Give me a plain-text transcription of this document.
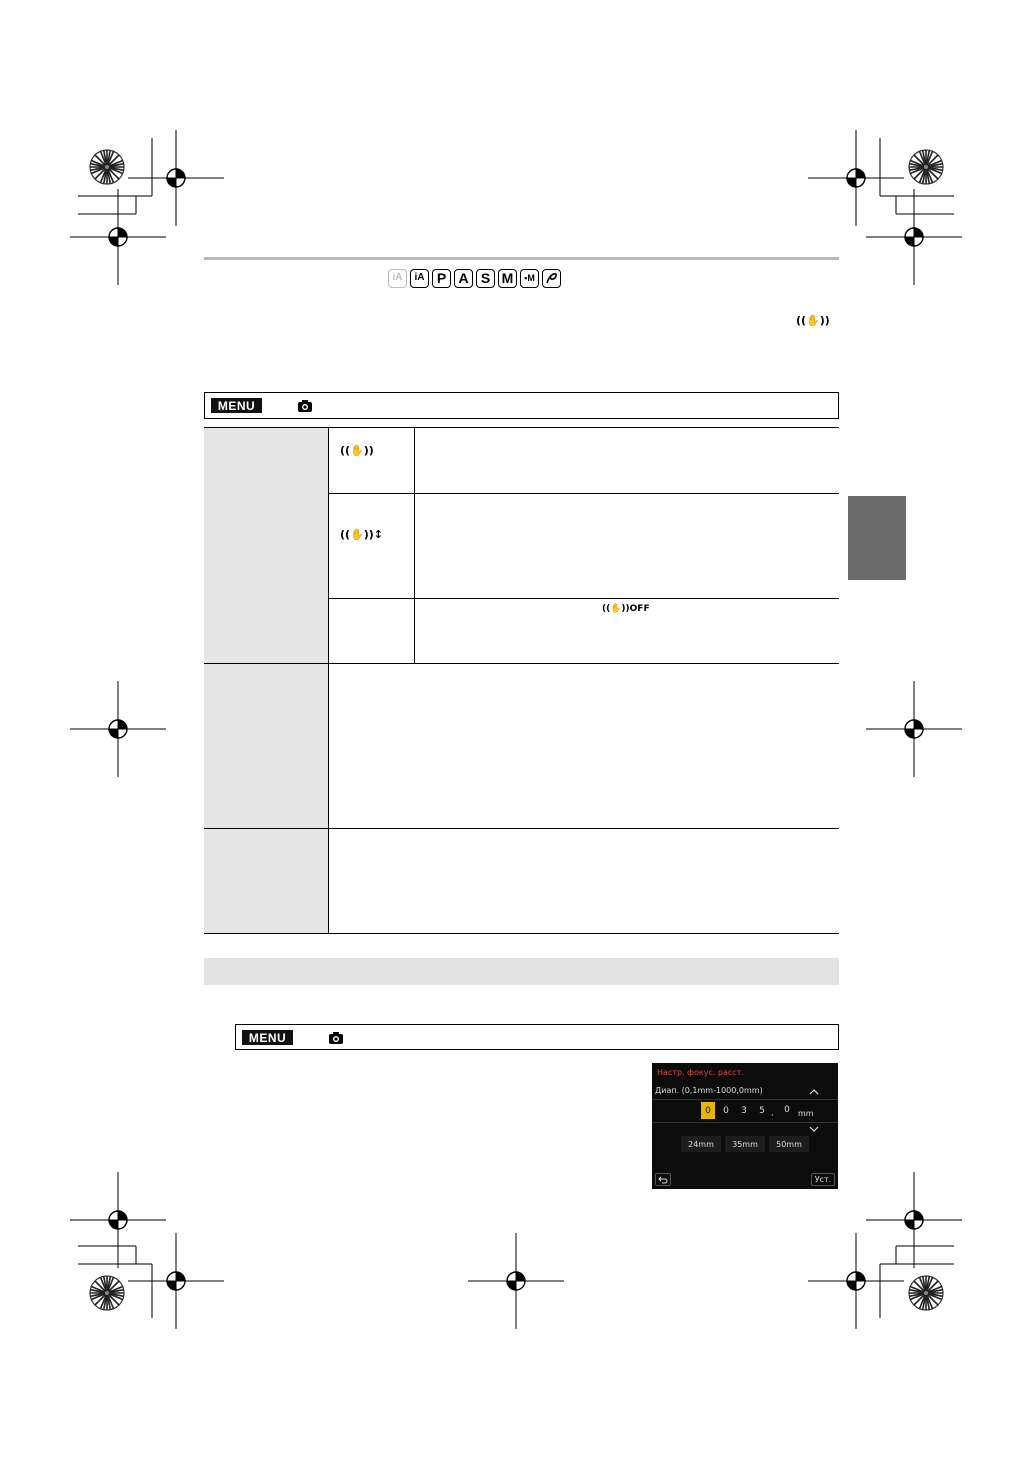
iA	iA P A S M	▪ M
((✋))
MENU
((✋))
((✋))↕
((✋))OFF
MENU
Настр. фокус. расст.
Диап. (0,1mm-1000,0mm)
0	0	3	5 ,	0	mm
24mm	35mm	50mm
Уст.
